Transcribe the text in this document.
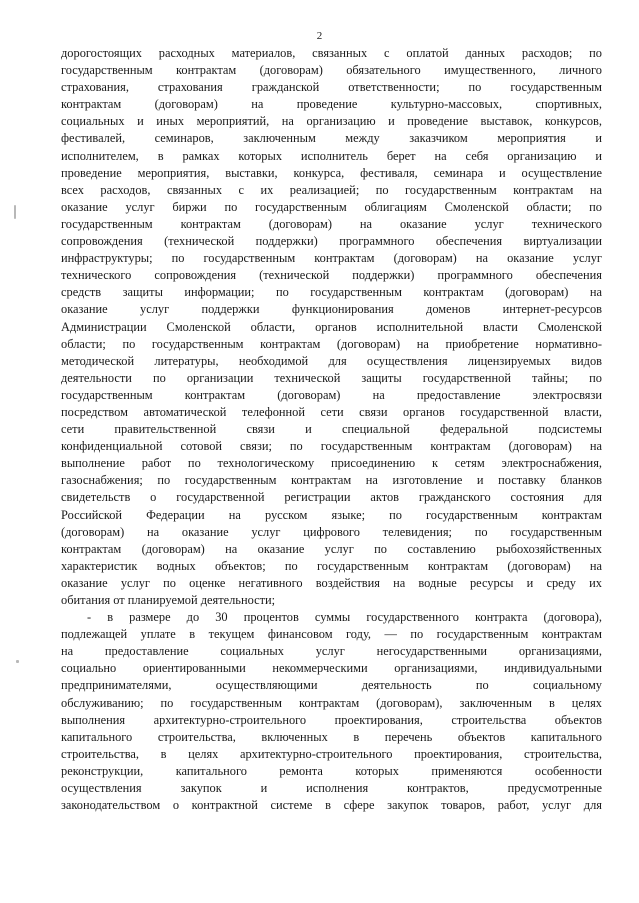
2
дорогостоящих расходных материалов, связанных с оплатой данных расходов; по
государственным контрактам (договорам) обязательного имущественного, личного
страхования, страхования гражданской ответственности; по государственным
контрактам (договорам) на проведение культурно-массовых, спортивных,
социальных и иных мероприятий, на организацию и проведение выставок, конкурсов,
фестивалей, семинаров, заключенным между заказчиком мероприятия и
исполнителем, в рамках которых исполнитель берет на себя организацию и
проведение мероприятия, выставки, конкурса, фестиваля, семинара и осуществление
всех расходов, связанных с их реализацией; по государственным контрактам на
оказание услуг биржи по государственным облигациям Смоленской области; по
государственным контрактам (договорам) на оказание услуг технического
сопровождения (технической поддержки) программного обеспечения виртуализации
инфраструктуры; по государственным контрактам (договорам) на оказание услуг
технического сопровождения (технической поддержки) программного обеспечения
средств защиты информации; по государственным контрактам (договорам) на
оказание услуг поддержки функционирования доменов интернет-ресурсов
Администрации Смоленской области, органов исполнительной власти Смоленской
области; по государственным контрактам (договорам) на приобретение нормативно-
методической литературы, необходимой для осуществления лицензируемых видов
деятельности по организации технической защиты государственной тайны; по
государственным контрактам (договорам) на предоставление электросвязи
посредством автоматической телефонной сети связи органов государственной власти,
сети правительственной связи и специальной федеральной подсистемы
конфиденциальной сотовой связи; по государственным контрактам (договорам) на
выполнение работ по технологическому присоединению к сетям электроснабжения,
газоснабжения; по государственным контрактам на изготовление и поставку бланков
свидетельств о государственной регистрации актов гражданского состояния для
Российской Федерации на русском языке; по государственным контрактам
(договорам) на оказание услуг цифрового телевидения; по государственным
контрактам (договорам) на оказание услуг по составлению рыбохозяйственных
характеристик водных объектов; по государственным контрактам (договорам) на
оказание услуг по оценке негативного воздействия на водные ресурсы и среду их
обитания от планируемой деятельности;
- в размере до 30 процентов суммы государственного контракта (договора),
подлежащей уплате в текущем финансовом году, — по государственным контрактам
на предоставление социальных услуг негосударственными организациями,
социально ориентированными некоммерческими организациями, индивидуальными
предпринимателями, осуществляющими деятельность по социальному
обслуживанию; по государственным контрактам (договорам), заключенным в целях
выполнения архитектурно-строительного проектирования, строительства объектов
капитального строительства, включенных в перечень объектов капитального
строительства, в целях архитектурно-строительного проектирования, строительства,
реконструкции, капитального ремонта которых применяются особенности
осуществления закупок и исполнения контрактов, предусмотренные
законодательством о контрактной системе в сфере закупок товаров, работ, услуг для
